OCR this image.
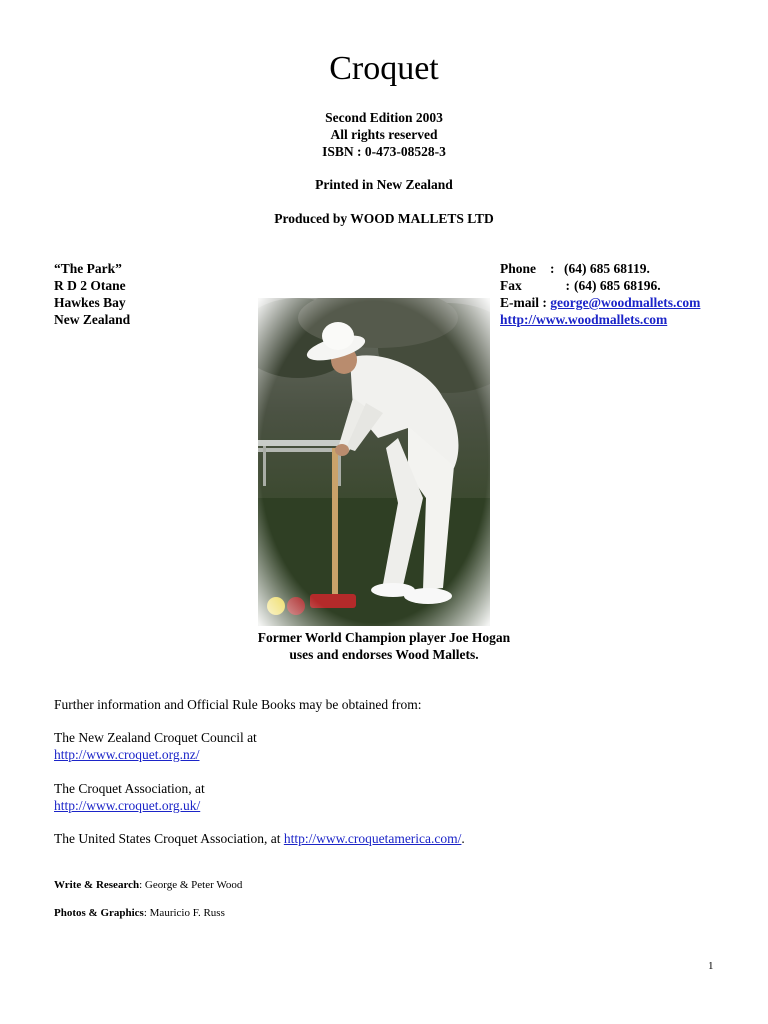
Croquet
Second Edition 2003
All rights reserved
ISBN : 0-473-08528-3
Printed in New Zealand
Produced by WOOD MALLETS LTD
“The Park”
R D 2 Otane
Hawkes Bay
New Zealand
Phone : (64) 685 68119.
Fax	: (64) 685 68196.
E-mail : george@woodmallets.com
http://www.woodmallets.com
Former World Champion player Joe Hogan
uses and endorses Wood Mallets.
Further information and Official Rule Books may be obtained from:
The New Zealand Croquet Council at
http://www.croquet.org.nz/
The Croquet Association, at
http://www.croquet.org.uk/
The United States Croquet Association, at http://www.croquetamerica.com/.
Write & Research: George & Peter Wood
Photos & Graphics: Mauricio F. Russ
1
